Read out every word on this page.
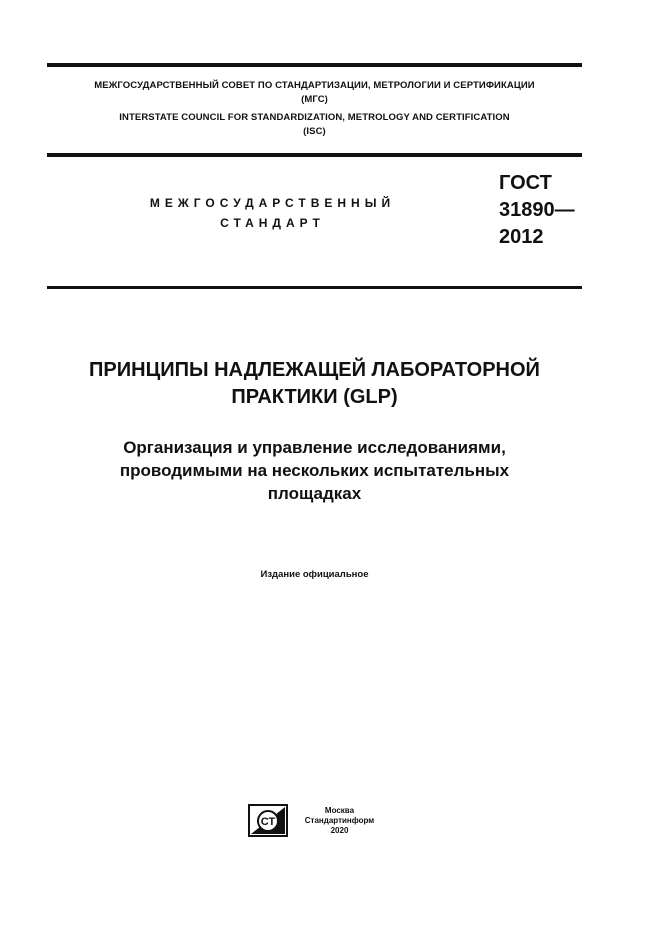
МЕЖГОСУДАРСТВЕННЫЙ СОВЕТ ПО СТАНДАРТИЗАЦИИ, МЕТРОЛОГИИ И СЕРТИФИКАЦИИ
(МГС)
INTERSTATE COUNCIL FOR STANDARDIZATION, METROLOGY AND CERTIFICATION
(ISC)
МЕЖГОСУДАРСТВЕННЫЙ
СТАНДАРТ
ГОСТ
31890—
2012
ПРИНЦИПЫ НАДЛЕЖАЩЕЙ ЛАБОРАТОРНОЙ
ПРАКТИКИ (GLP)
Организация и управление исследованиями,
проводимыми на нескольких испытательных
площадках
Издание официальное
СТ
Москва
Стандартинформ
2020
